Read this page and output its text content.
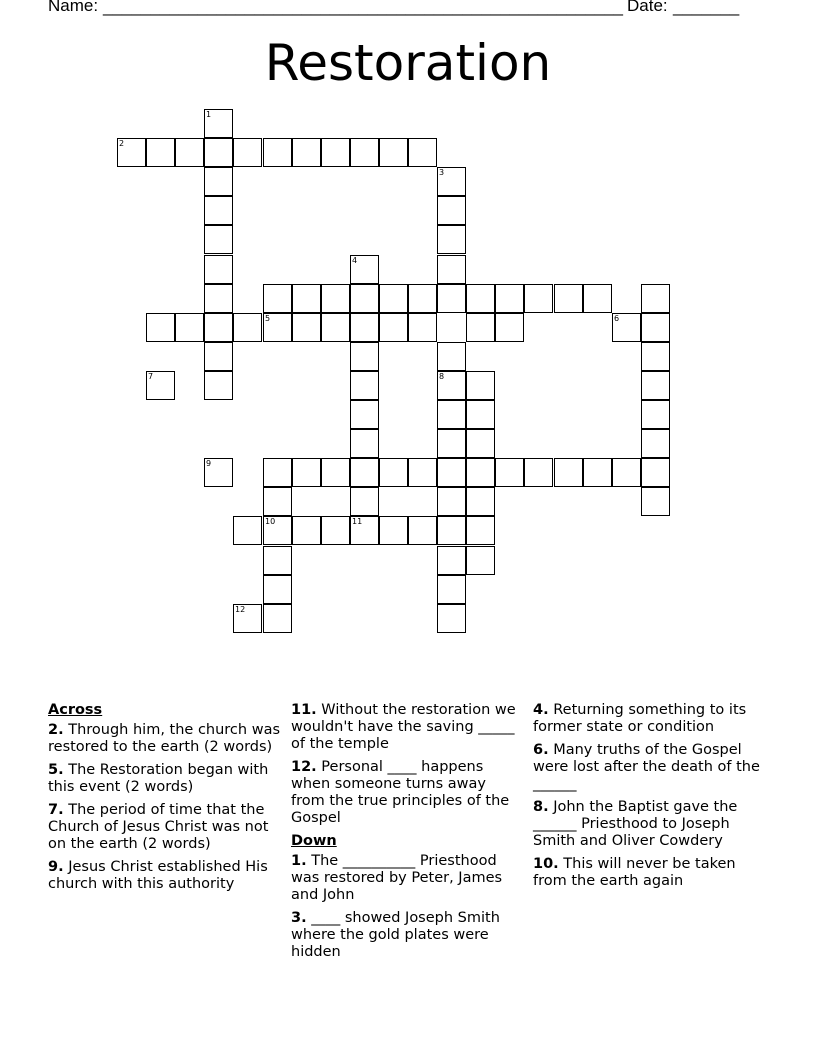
Name: _______________________________________________________ Date: _______
Restoration
2
1
3
4
11
5
8
10
6
7
9
12
Across
2. Through him, the church was restored to the earth (2 words)
5. The Restoration began with this event (2 words)
7. The period of time that the Church of Jesus Christ was not on the earth (2 words)
9. Jesus Christ established His church with this authority
11. Without the restoration we wouldn't have the saving _____ of the temple
12. Personal ____ happens when someone turns away from the true principles of the Gospel
Down
1. The __________ Priesthood was restored by Peter, James and John
3. ____ showed Joseph Smith where the gold plates were hidden
4. Returning something to its former state or condition
6. Many truths of the Gospel were lost after the death of the ______
8. John the Baptist gave the ______ Priesthood to Joseph Smith and Oliver Cowdery
10. This will never be taken from the earth again
